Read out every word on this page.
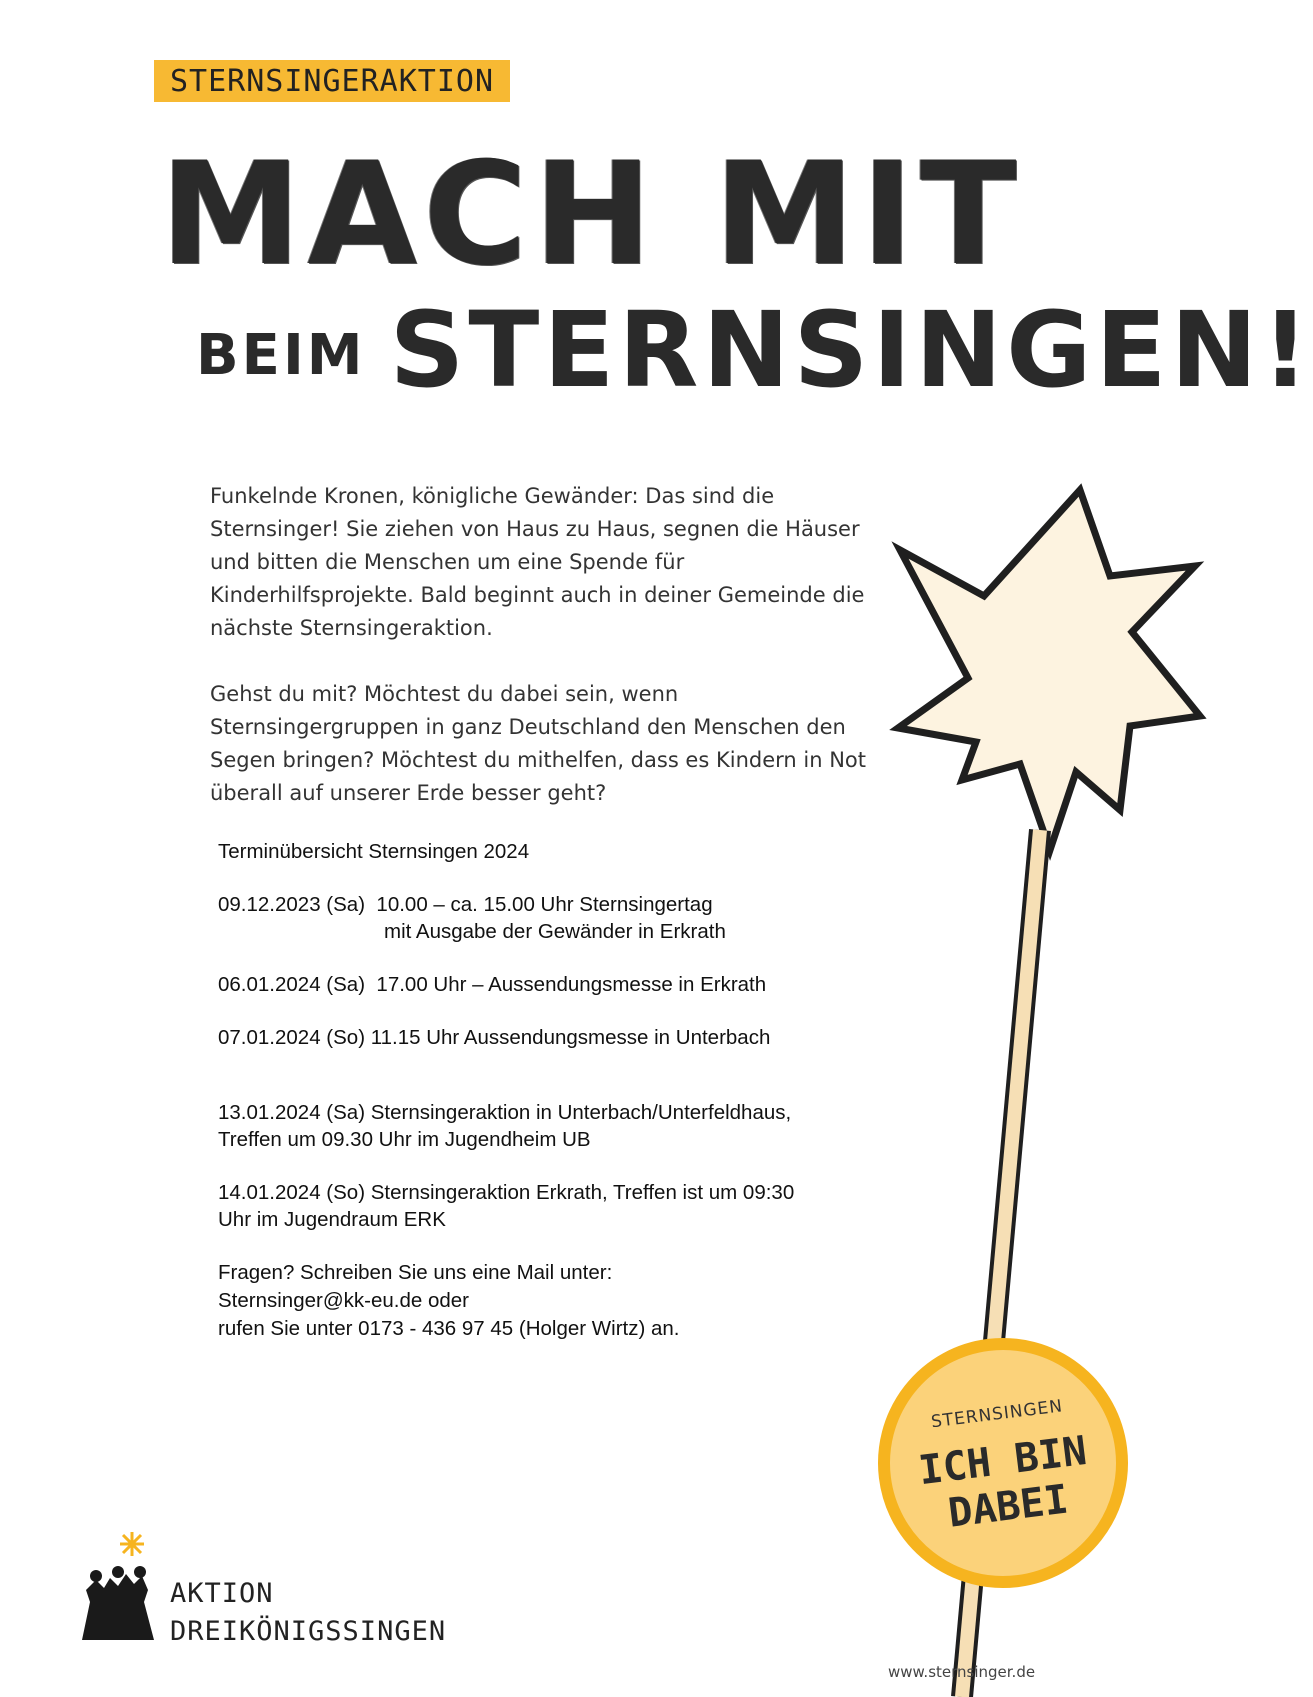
STERNSINGERAKTION
MACH MIT
BEIM STERNSINGEN!

Funkelnde Kronen, königliche Gewänder: Das sind die Sternsinger! Sie ziehen von Haus zu Haus, segnen die Häuser und bitten die Menschen um eine Spende für Kinderhilfsprojekte. Bald beginnt auch in deiner Gemeinde die nächste Sternsingeraktion.

Gehst du mit? Möchtest du dabei sein, wenn Sternsingergruppen in ganz Deutschland den Menschen den Segen bringen? Möchtest du mithelfen, dass es Kindern in Not überall auf unserer Erde besser geht?

Terminübersicht Sternsingen 2024
09.12.2023 (Sa) 10.00 – ca. 15.00 Uhr Sternsingertag
mit Ausgabe der Gewänder in Erkrath
06.01.2024 (Sa) 17.00 Uhr – Aussendungsmesse in Erkrath
07.01.2024 (So) 11.15 Uhr Aussendungsmesse in Unterbach
13.01.2024 (Sa) Sternsingeraktion in Unterbach/Unterfeldhaus,
Treffen um 09.30 Uhr im Jugendheim UB
14.01.2024 (So) Sternsingeraktion Erkrath, Treffen ist um 09:30
Uhr im Jugendraum ERK
Fragen? Schreiben Sie uns eine Mail unter:
Sternsinger@kk-eu.de oder
rufen Sie unter 0173 - 436 97 45 (Holger Wirtz) an.
STERNSINGEN
ICH BIN
DABEI
AKTION
DREIKÖNIGSSINGEN
www.sternsinger.de
